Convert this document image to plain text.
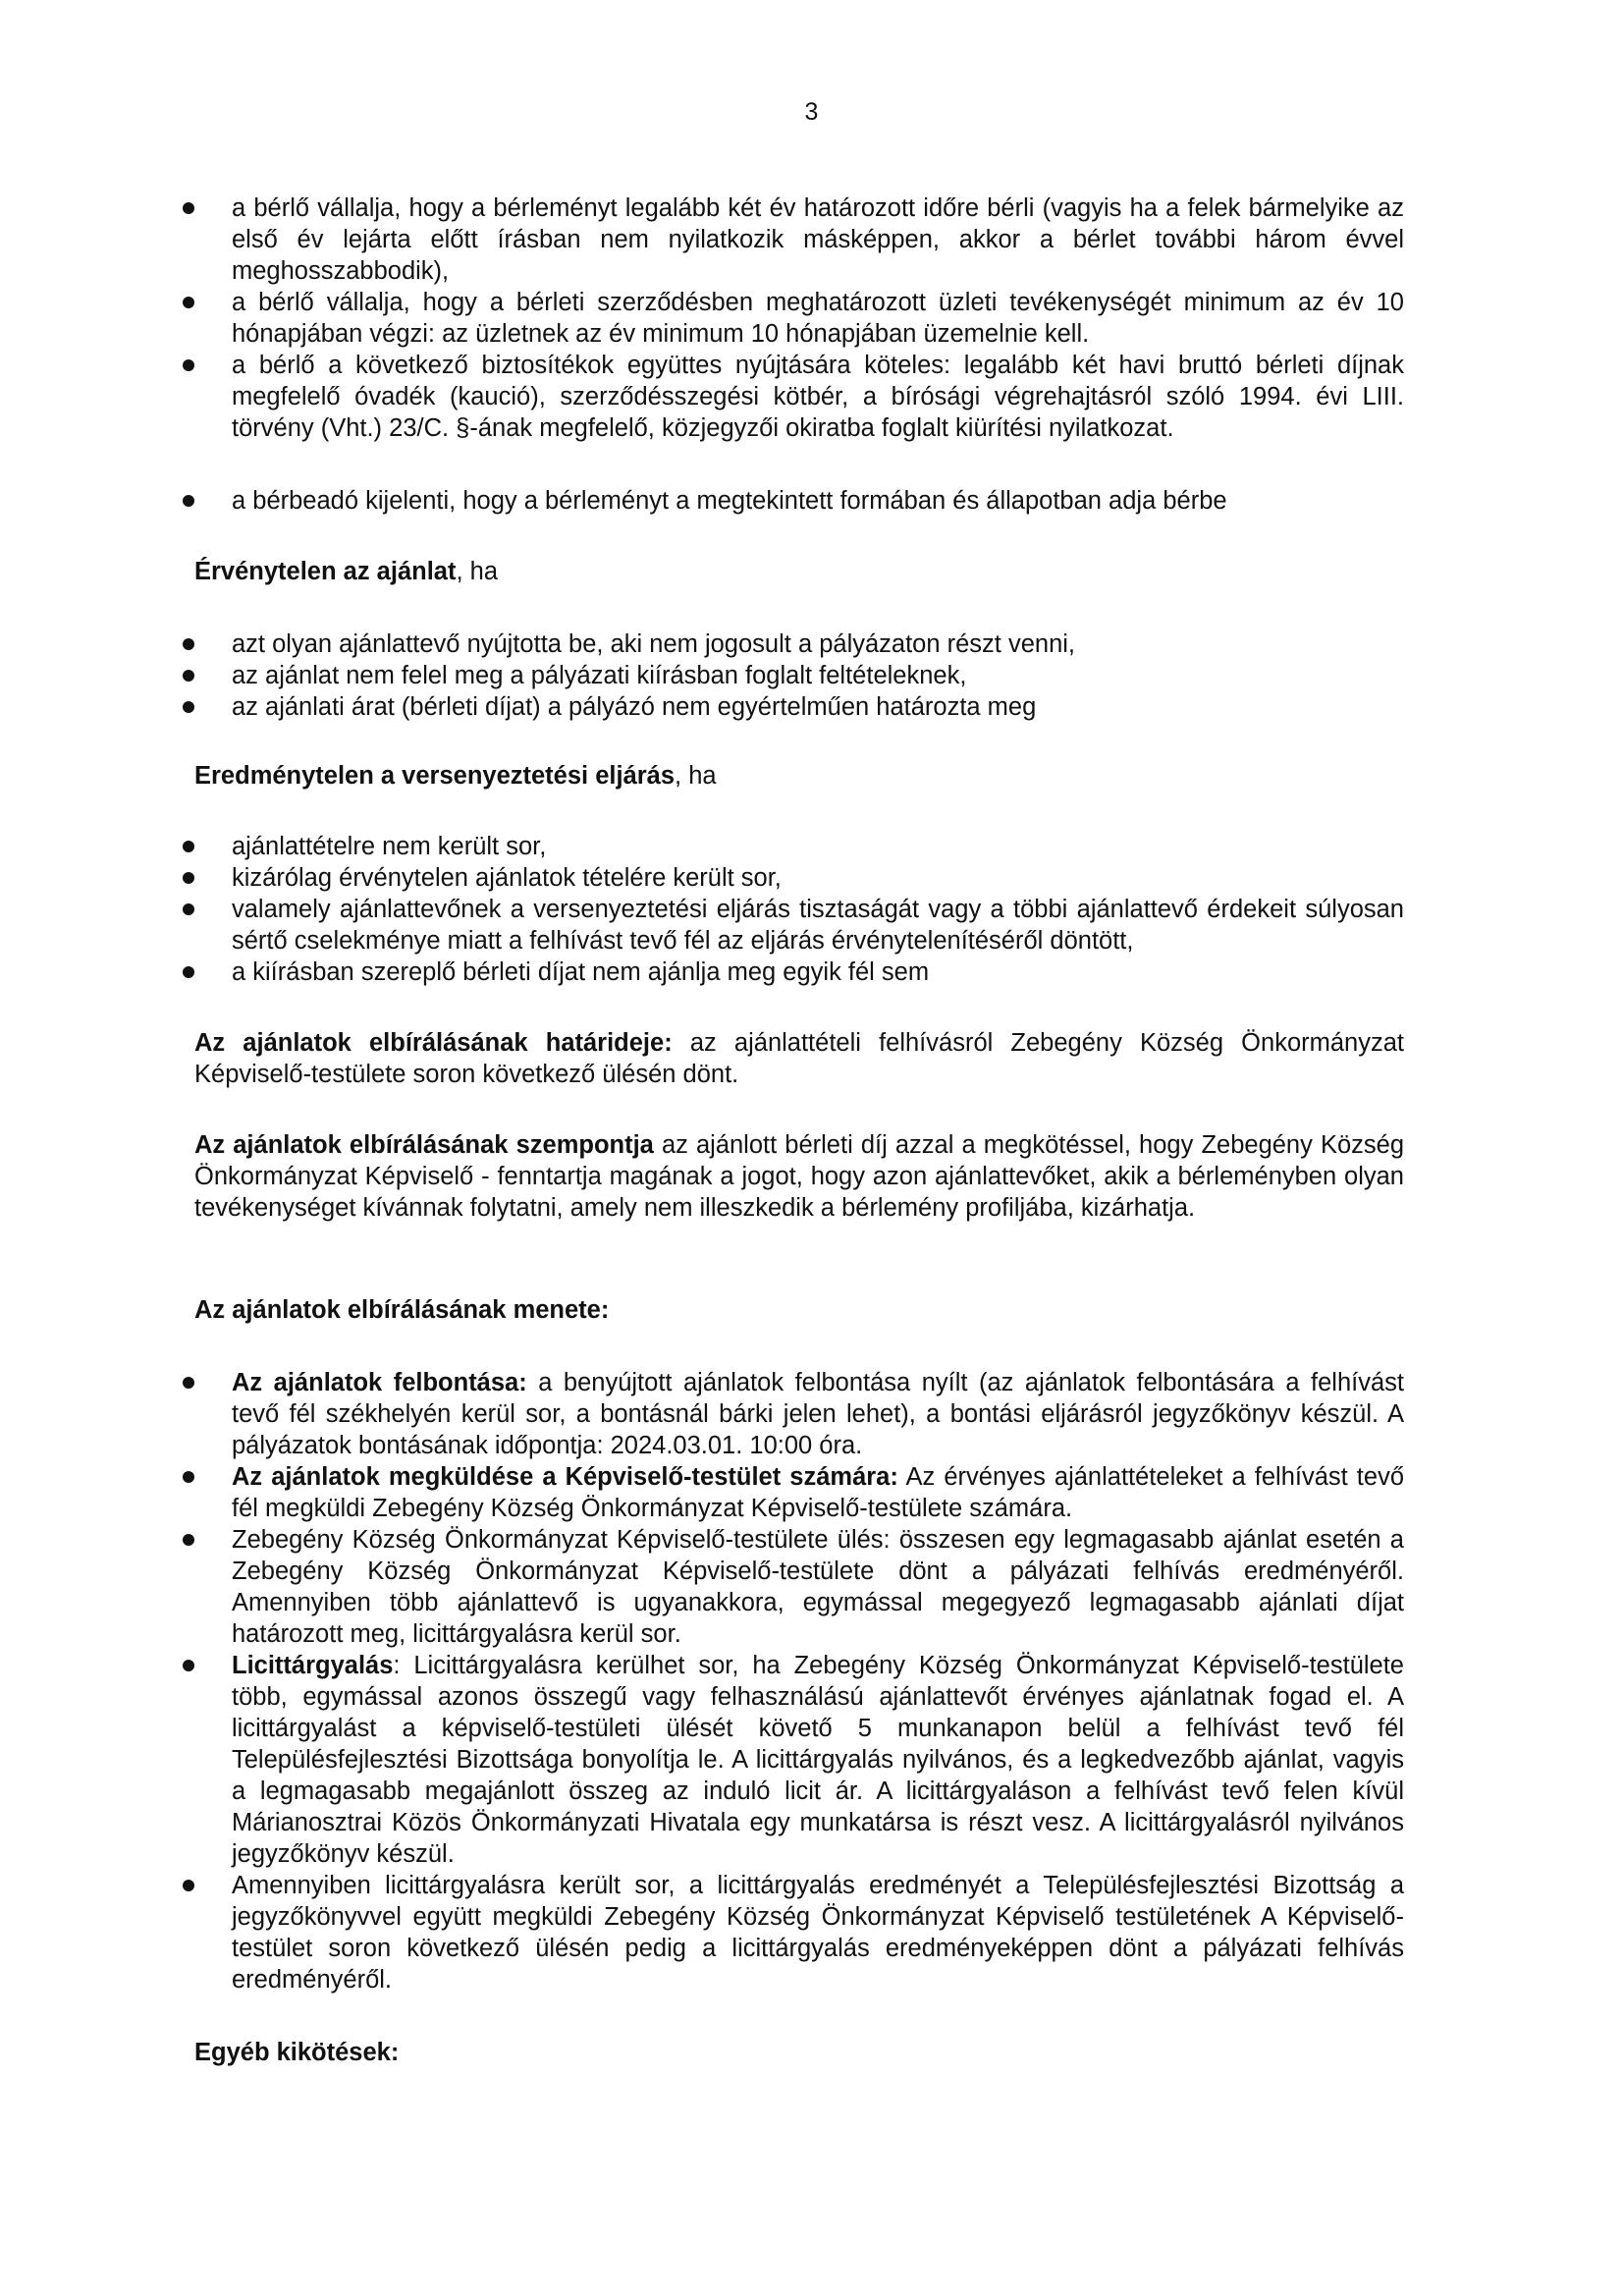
3
a bérlő vállalja, hogy a bérleményt legalább két év határozott időre bérli (vagyis ha a felek bármelyike az első év lejárta előtt írásban nem nyilatkozik másképpen, akkor a bérlet további három évvel meghosszabbodik),
a bérlő vállalja, hogy a bérleti szerződésben meghatározott üzleti tevékenységét minimum az év 10 hónapjában végzi: az üzletnek az év minimum 10 hónapjában üzemelnie kell.
a bérlő a következő biztosítékok együttes nyújtására köteles: legalább két havi bruttó bérleti díjnak megfelelő óvadék (kaució), szerződésszegési kötbér, a bírósági végrehajtásról szóló 1994. évi LIII. törvény (Vht.) 23/C. §-ának megfelelő, közjegyzői okiratba foglalt kiürítési nyilatkozat.
a bérbeadó kijelenti, hogy a bérleményt a megtekintett formában és állapotban adja bérbe
Érvénytelen az ajánlat, ha
azt olyan ajánlattevő nyújtotta be, aki nem jogosult a pályázaton részt venni,
az ajánlat nem felel meg a pályázati kiírásban foglalt feltételeknek,
az ajánlati árat (bérleti díjat) a pályázó nem egyértelműen határozta meg
Eredménytelen a versenyeztetési eljárás, ha
ajánlattételre nem került sor,
kizárólag érvénytelen ajánlatok tételére került sor,
valamely ajánlattevőnek a versenyeztetési eljárás tisztaságát vagy a többi ajánlattevő érdekeit súlyosan sértő cselekménye miatt a felhívást tevő fél az eljárás érvénytelenítéséről döntött,
a kiírásban szereplő bérleti díjat nem ajánlja meg egyik fél sem
Az ajánlatok elbírálásának határideje: az ajánlattételi felhívásról Zebegény Község Önkormányzat Képviselő-testülete soron következő ülésén dönt.
Az ajánlatok elbírálásának szempontja az ajánlott bérleti díj azzal a megkötéssel, hogy Zebegény Község Önkormányzat Képviselő - fenntartja magának a jogot, hogy azon ajánlattevőket, akik a bérleményben olyan tevékenységet kívánnak folytatni, amely nem illeszkedik a bérlemény profiljába, kizárhatja.
Az ajánlatok elbírálásának menete:
Az ajánlatok felbontása: a benyújtott ajánlatok felbontása nyílt (az ajánlatok felbontására a felhívást tevő fél székhelyén kerül sor, a bontásnál bárki jelen lehet), a bontási eljárásról jegyzőkönyv készül. A pályázatok bontásának időpontja: 2024.03.01. 10:00 óra.
Az ajánlatok megküldése a Képviselő-testület számára: Az érvényes ajánlattételeket a felhívást tevő fél megküldi Zebegény Község Önkormányzat Képviselő-testülete számára.
Zebegény Község Önkormányzat Képviselő-testülete ülés: összesen egy legmagasabb ajánlat esetén a Zebegény Község Önkormányzat Képviselő-testülete dönt a pályázati felhívás eredményéről. Amennyiben több ajánlattevő is ugyanakkora, egymással megegyező legmagasabb ajánlati díjat határozott meg, licittárgyalásra kerül sor.
Licittárgyalás: Licittárgyalásra kerülhet sor, ha Zebegény Község Önkormányzat Képviselő-testülete több, egymással azonos összegű vagy felhasználású ajánlattevőt érvényes ajánlatnak fogad el. A licittárgyalást a képviselő-testületi ülését követő 5 munkanapon belül a felhívást tevő fél Településfejlesztési Bizottsága bonyolítja le. A licittárgyalás nyilvános, és a legkedvezőbb ajánlat, vagyis a legmagasabb megajánlott összeg az induló licit ár. A licittárgyaláson a felhívást tevő felen kívül Márianosztrai Közös Önkormányzati Hivatala egy munkatársa is részt vesz. A licittárgyalásról nyilvános jegyzőkönyv készül.
Amennyiben licittárgyalásra került sor, a licittárgyalás eredményét a Településfejlesztési Bizottság a jegyzőkönyvvel együtt megküldi Zebegény Község Önkormányzat Képviselő testületének A Képviselő-testület soron következő ülésén pedig a licittárgyalás eredményeképpen dönt a pályázati felhívás eredményéről.
Egyéb kikötések:
